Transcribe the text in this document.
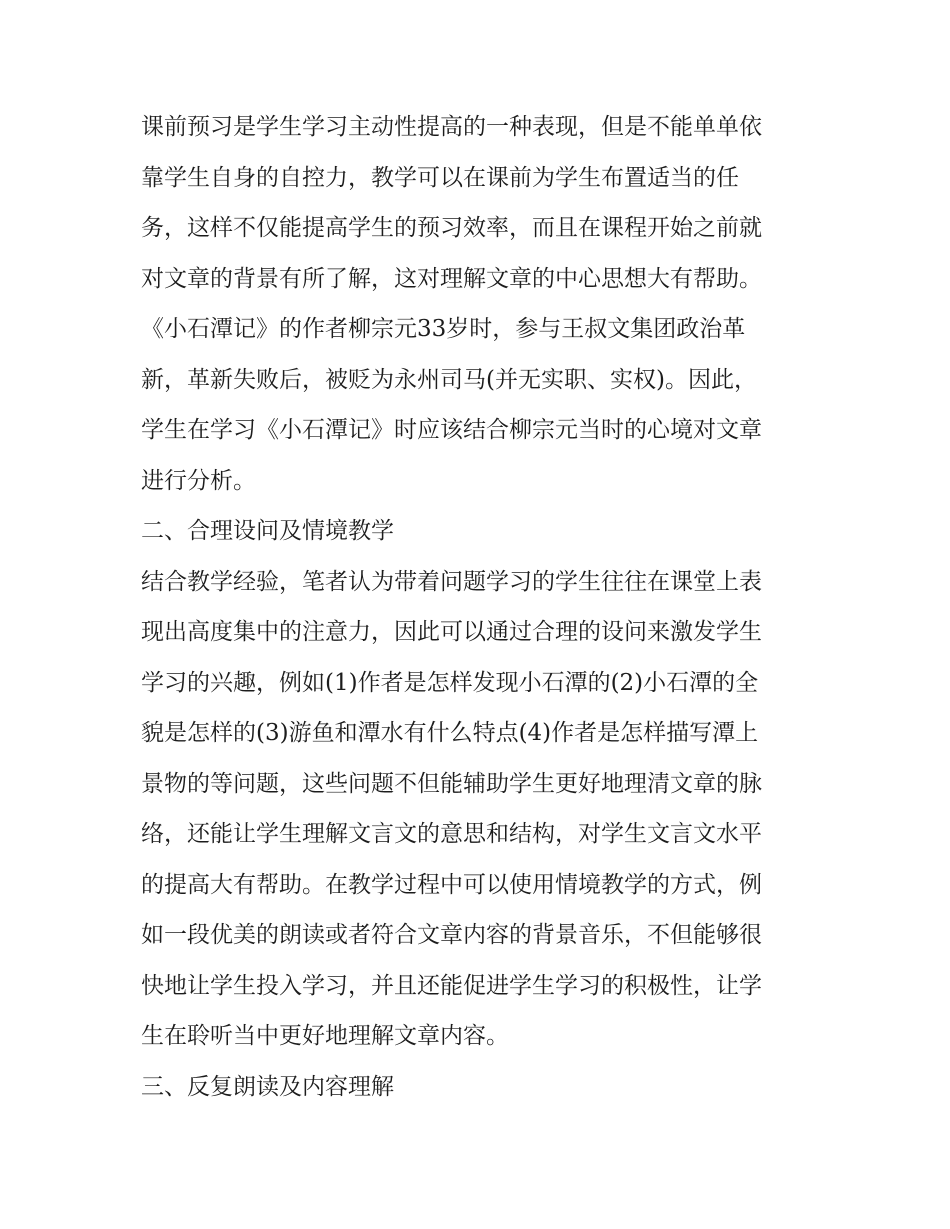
课前预习是学生学习主动性提高的一种表现，但是不能单单依
靠学生自身的自控力，教学可以在课前为学生布置适当的任
务，这样不仅能提高学生的预习效率，而且在课程开始之前就
对文章的背景有所了解，这对理解文章的中心思想大有帮助。
《小石潭记》的作者柳宗元33岁时，参与王叔文集团政治革
新，革新失败后，被贬为永州司马(并无实职、实权)。因此，
学生在学习《小石潭记》时应该结合柳宗元当时的心境对文章
进行分析。
二、合理设问及情境教学
结合教学经验，笔者认为带着问题学习的学生往往在课堂上表
现出高度集中的注意力，因此可以通过合理的设问来激发学生
学习的兴趣，例如(1)作者是怎样发现小石潭的(2)小石潭的全
貌是怎样的(3)游鱼和潭水有什么特点(4)作者是怎样描写潭上
景物的等问题，这些问题不但能辅助学生更好地理清文章的脉
络，还能让学生理解文言文的意思和结构，对学生文言文水平
的提高大有帮助。在教学过程中可以使用情境教学的方式，例
如一段优美的朗读或者符合文章内容的背景音乐，不但能够很
快地让学生投入学习，并且还能促进学生学习的积极性，让学
生在聆听当中更好地理解文章内容。
三、反复朗读及内容理解
